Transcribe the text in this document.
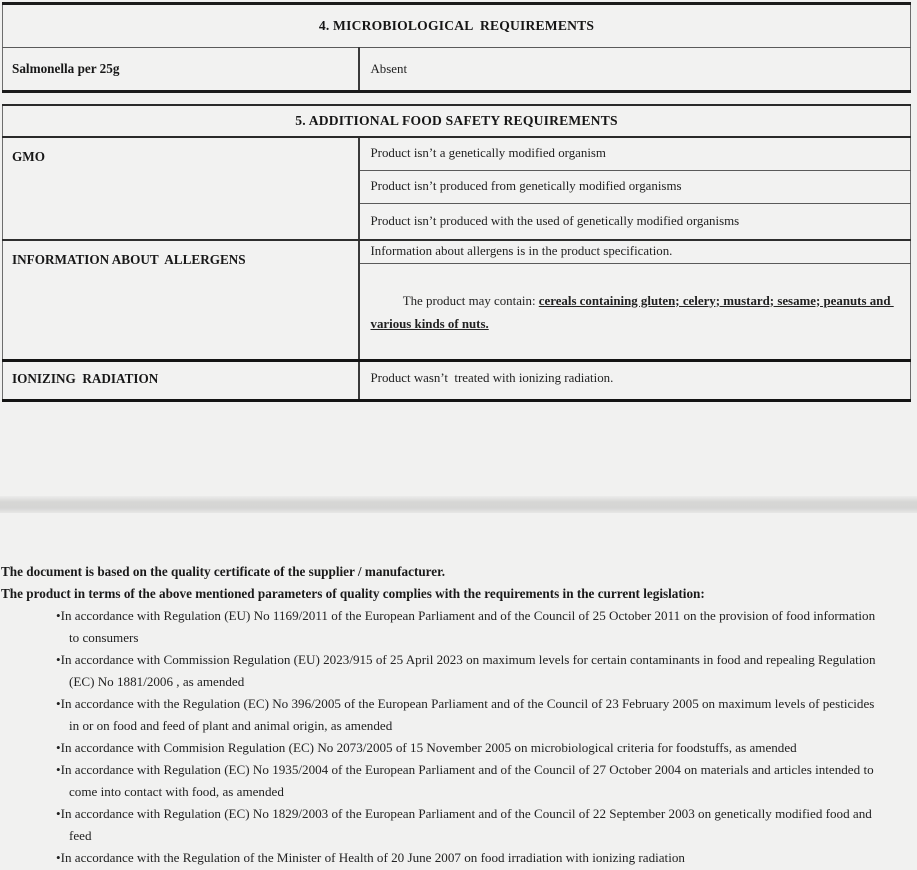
4. MICROBIOLOGICAL  REQUIREMENTS
Salmonella per 25g	Absent
5. ADDITIONAL FOOD SAFETY REQUIREMENTS	
GMO	Product isn’t a genetically modified organism
	Product isn’t produced from genetically modified organisms
	Product isn’t produced with the used of genetically modified organisms
INFORMATION ABOUT  ALLERGENS	Information about allergens is in the product specification.

The product may contain: cereals containing gluten; celery; mustard; sesame; peanuts and various kinds of nuts.

IONIZING  RADIATION	Product wasn’t  treated with ionizing radiation.

The document is based on the quality certificate of the supplier / manufacturer.

The product in terms of the above mentioned parameters of quality complies with the requirements in the current legislation:

• In accordance with Regulation (EU) No 1169/2011 of the European Parliament and of the Council of 25 October 2011 on the provision of food information to consumers
• In accordance with Commission Regulation (EU) 2023/915 of 25 April 2023 on maximum levels for certain contaminants in food and repealing Regulation (EC) No 1881/2006 , as amended
• In accordance with the Regulation (EC) No 396/2005 of the European Parliament and of the Council of 23 February 2005 on maximum levels of pesticides in or on food and feed of plant and animal origin, as amended
• In accordance with Commision Regulation (EC) No 2073/2005 of 15 November 2005 on microbiological criteria for foodstuffs, as amended
• In accordance with Regulation (EC) No 1935/2004 of the European Parliament and of the Council of 27 October 2004 on materials and articles intended to come into contact with food, as amended
• In accordance with Regulation (EC) No 1829/2003 of the European Parliament and of the Council of 22 September 2003 on genetically modified food and feed
• In accordance with the Regulation of the Minister of Health of 20 June 2007 on food irradiation with ionizing radiation
